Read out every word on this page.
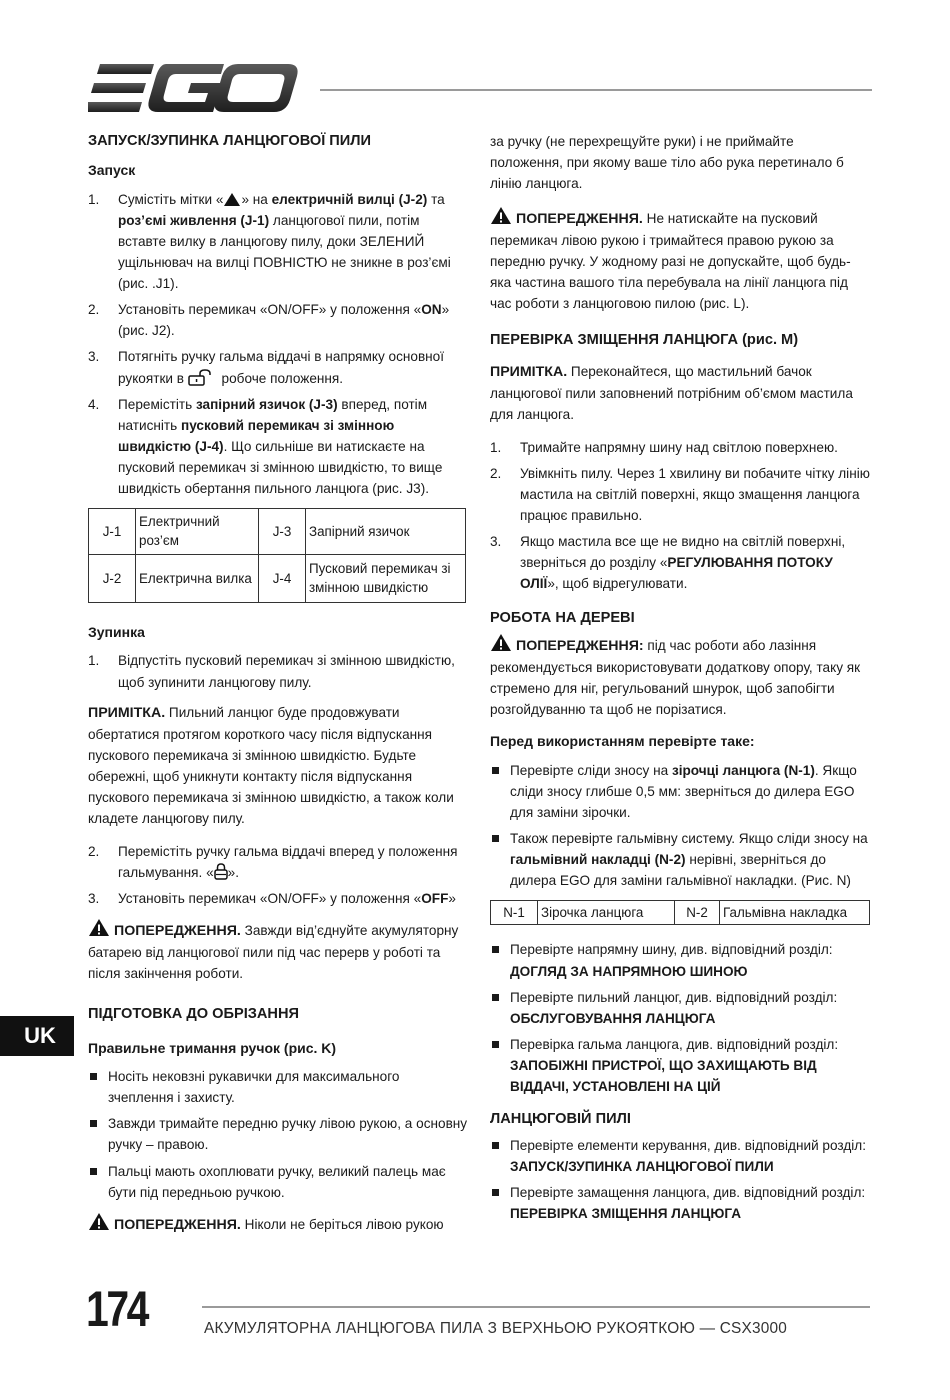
ЗАПУСК/ЗУПИНКА ЛАНЦЮГОВОЇ ПИЛИ
Запуск
1. Сумістіть мітки « » на електричній вилці (J-2) та роз’ємі живлення (J-1) ланцюгової пили, потім вставте вилку в ланцюгову пилу, доки ЗЕЛЕНИЙ ущільнювач на вилці ПОВНІСТЮ не зникне в роз’ємі (рис. .J1).
2. Установіть перемикач «ON/OFF» у положення «ON» (рис. J2).
3. Потягніть ручку гальма віддачі в напрямку основної рукоятки в  робоче положення.
4. Перемістіть запірний язичок (J-3) вперед, потім натисніть пусковий перемикач зі змінною швидкістю (J-4). Що сильніше ви натискаєте на пусковий перемикач зі змінною швидкістю, то вище швидкість обертання пильного ланцюга (рис. J3).
J-1	Електричний роз’єм	J-3	Запірний язичок
J-2	Електрична вилка	J-4	Пусковий перемикач зі змінною швидкістю
Зупинка
1. Відпустіть пусковий перемикач зі змінною швидкістю, щоб зупинити ланцюгову пилу.

ПРИМІТКА. Пильний ланцюг буде продовжувати обертатися протягом короткого часу після відпускання пускового перемикача зі змінною швидкістю. Будьте обережні, щоб уникнути контакту після відпускання пускового перемикача зі змінною швидкістю, а також коли кладете ланцюгову пилу.

2. Перемістіть ручку гальма віддачі вперед у положення гальмування. « ».
3. Установіть перемикач «ON/OFF» у положення «OFF»

ПОПЕРЕДЖЕННЯ. Завжди від’єднуйте акумуляторну батарею від ланцюгової пили під час перерв у роботі та після закінчення роботи.

ПІДГОТОВКА ДО ОБРІЗАННЯ
Правильне тримання ручок (рис. K)
Носіть нековзні рукавички для максимального зчеплення і захисту.
Завжди тримайте передню ручку лівою рукою, а основну ручку – правою.
Пальці мають охоплювати ручку, великий палець має бути під передньою ручкою.

ПОПЕРЕДЖЕННЯ. Ніколи не беріться лівою рукою

за ручку (не перехрещуйте руки) і не приймайте положення, при якому ваше тіло або рука перетинало б лінію ланцюга.

ПОПЕРЕДЖЕННЯ. Не натискайте на пусковий перемикач лівою рукою і тримайтеся правою рукою за передню ручку. У жодному разі не допускайте, щоб будь-яка частина вашого тіла перебувала на лінії ланцюга під час роботи з ланцюговою пилою (рис. L).

ПЕРЕВІРКА ЗМІЩЕННЯ ЛАНЦЮГА (рис. M)

ПРИМІТКА. Переконайтеся, що мастильний бачок ланцюгової пили заповнений потрібним об’ємом мастила для ланцюга.

1. Тримайте напрямну шину над світлою поверхнею.
2. Увімкніть пилу. Через 1 хвилину ви побачите чітку лінію мастила на світлій поверхні, якщо змащення ланцюга працює правильно.
3. Якщо мастила все ще не видно на світлій поверхні, зверніться до розділу «РЕГУЛЮВАННЯ ПОТОКУ ОЛІЇ», щоб відрегулювати.
РОБОТА НА ДЕРЕВІ

ПОПЕРЕДЖЕННЯ: під час роботи або лазіння рекомендується використовувати додаткову опору, таку як стремено для ніг, регульований шнурок, щоб запобігти розгойдуванню та щоб не порізатися.

Перед використанням перевірте таке:
Перевірте сліди зносу на зірочці ланцюга (N-1). Якщо сліди зносу глибше 0,5 мм: зверніться до дилера EGO для заміни зірочки.
Також перевірте гальмівну систему. Якщо сліди зносу на гальмівний накладці (N-2) нерівні, зверніться до дилера EGO для заміни гальмівної накладки. (Рис. N)
N-1	Зірочка ланцюга	N-2	Гальмівна накладка
Перевірте напрямну шину, див. відповідний розділ: ДОГЛЯД ЗА НАПРЯМНОЮ ШИНОЮ
Перевірте пильний ланцюг, див. відповідний розділ: ОБСЛУГОВУВАННЯ ЛАНЦЮГА
Перевірка гальма ланцюга, див. відповідний розділ: ЗАПОБІЖНІ ПРИСТРОЇ, ЩО ЗАХИЩАЮТЬ ВІД ВІДДАЧІ, УСТАНОВЛЕНІ НА ЦІЙ
ЛАНЦЮГОВІЙ ПИЛІ
Перевірте елементи керування, див. відповідний розділ: ЗАПУСК/ЗУПИНКА ЛАНЦЮГОВОЇ ПИЛИ
Перевірте замащення ланцюга, див. відповідний розділ: ПЕРЕВІРКА ЗМІЩЕННЯ ЛАНЦЮГА
UK
174	АКУМУЛЯТОРНА ЛАНЦЮГОВА ПИЛА З ВЕРХНЬОЮ РУКОЯТКОЮ — CSX3000
